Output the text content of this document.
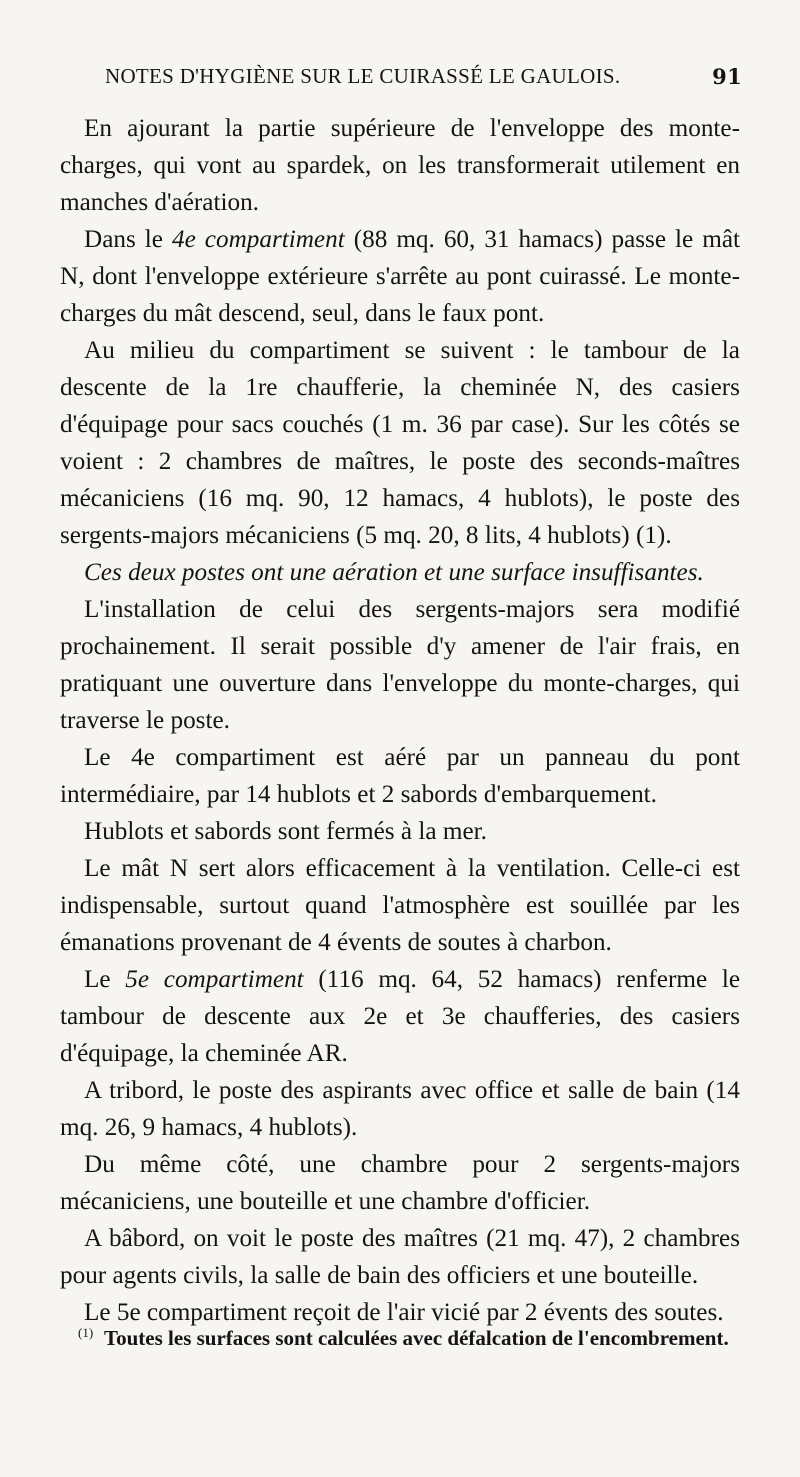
NOTES D'HYGIÈNE SUR LE CUIRASSÉ LE GAULOIS.	91

En ajourant la partie supérieure de l'enveloppe des monte-charges, qui vont au spardek, on les transformerait utilement en manches d'aération.

Dans le 4e compartiment (88 mq. 60, 31 hamacs) passe le mât N, dont l'enveloppe extérieure s'arrête au pont cuirassé. Le monte-charges du mât descend, seul, dans le faux pont.

Au milieu du compartiment se suivent : le tambour de la descente de la 1re chaufferie, la cheminée N, des casiers d'équipage pour sacs couchés (1 m. 36 par case). Sur les côtés se voient : 2 chambres de maîtres, le poste des seconds-maîtres mécaniciens (16 mq. 90, 12 hamacs, 4 hublots), le poste des sergents-majors mécaniciens (5 mq. 20, 8 lits, 4 hublots) (1).

Ces deux postes ont une aération et une surface insuffisantes.

L'installation de celui des sergents-majors sera modifié prochainement. Il serait possible d'y amener de l'air frais, en pratiquant une ouverture dans l'enveloppe du monte-charges, qui traverse le poste.

Le 4e compartiment est aéré par un panneau du pont intermédiaire, par 14 hublots et 2 sabords d'embarquement.

Hublots et sabords sont fermés à la mer.

Le mât N sert alors efficacement à la ventilation. Celle-ci est indispensable, surtout quand l'atmosphère est souillée par les émanations provenant de 4 évents de soutes à charbon.

Le 5e compartiment (116 mq. 64, 52 hamacs) renferme le tambour de descente aux 2e et 3e chaufferies, des casiers d'équipage, la cheminée AR.

A tribord, le poste des aspirants avec office et salle de bain (14 mq. 26, 9 hamacs, 4 hublots).

Du même côté, une chambre pour 2 sergents-majors mécaniciens, une bouteille et une chambre d'officier.

A bâbord, on voit le poste des maîtres (21 mq. 47), 2 chambres pour agents civils, la salle de bain des officiers et une bouteille.

Le 5e compartiment reçoit de l'air vicié par 2 évents des soutes.

$^{(1)}$ Toutes les surfaces sont calculées avec défalcation de l'encombrement.
